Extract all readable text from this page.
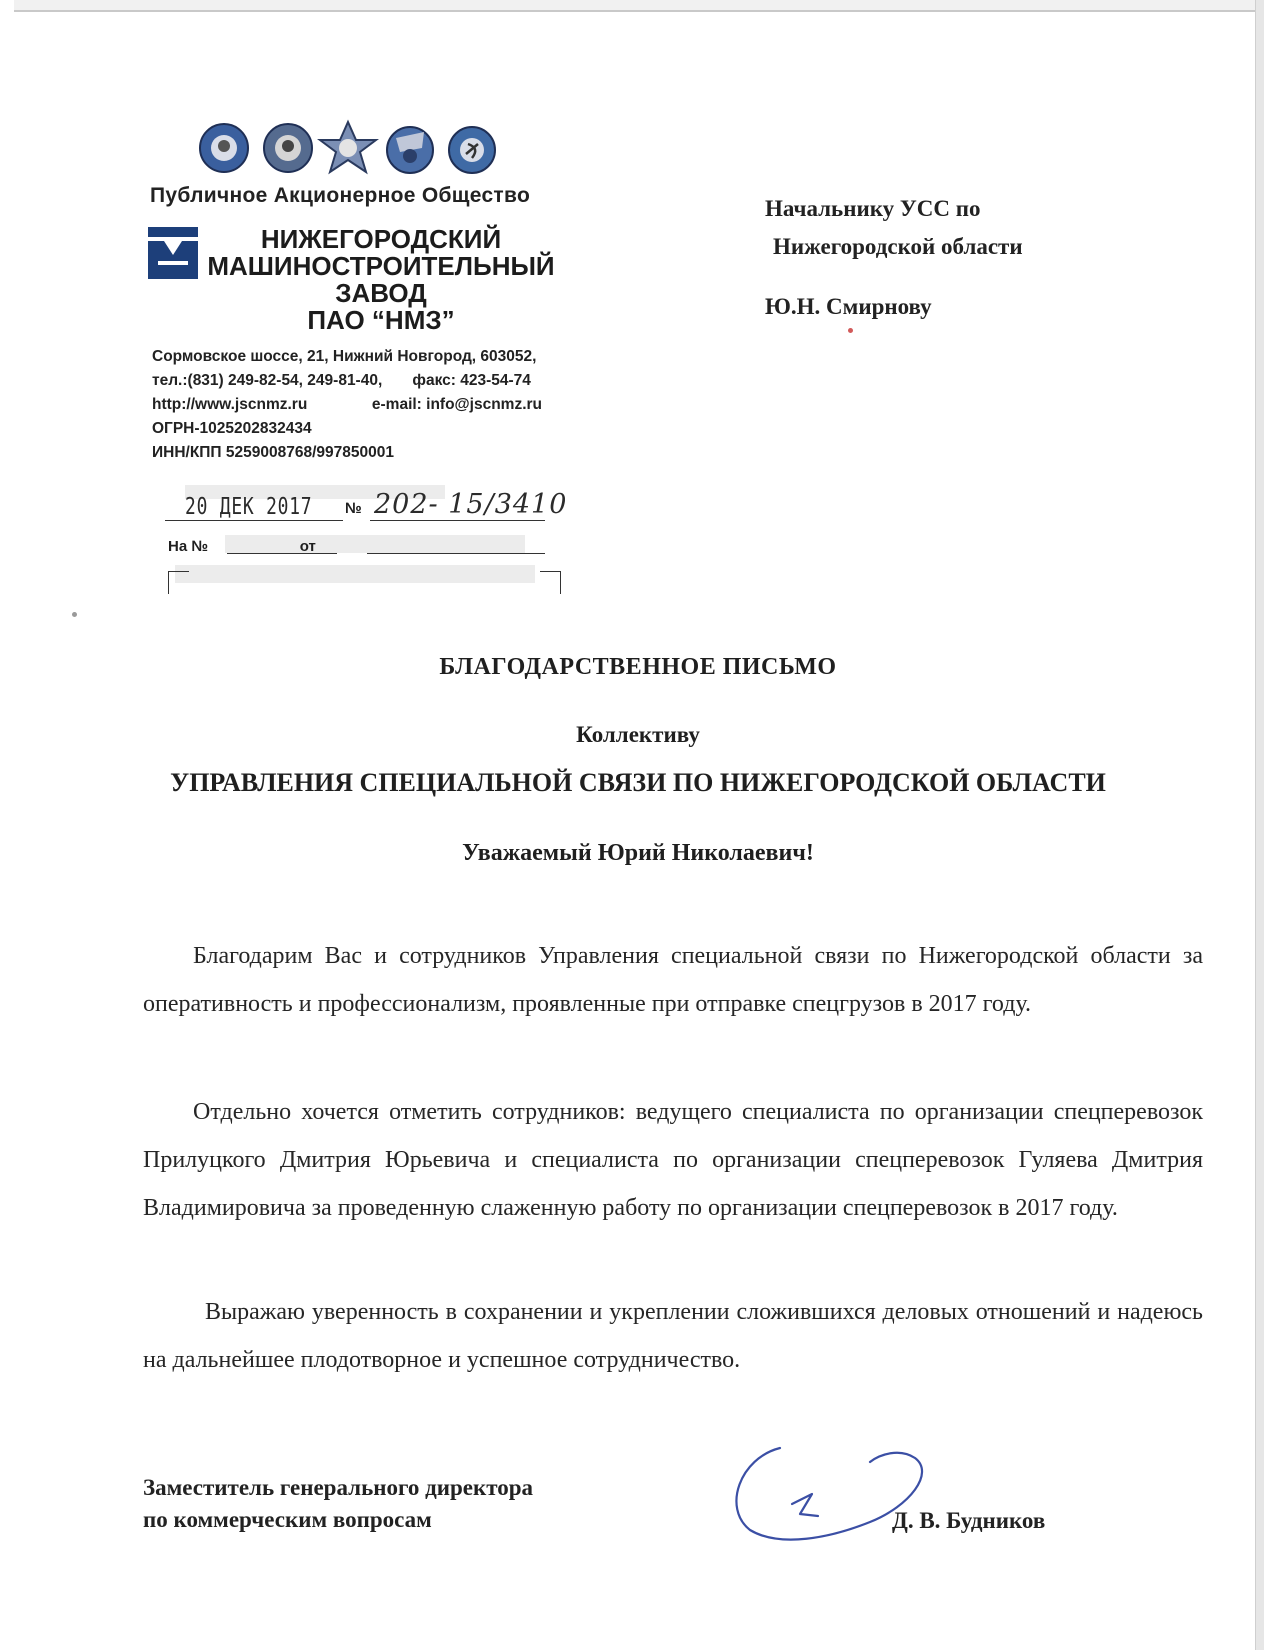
Публичное Акционерное Общество
НИЖЕГОРОДСКИЙ
МАШИНОСТРОИТЕЛЬНЫЙ
ЗАВОД
ПАО “НМЗ”
Сормовское шоссе, 21, Нижний Новгород, 603052,
тел.:(831) 249-82-54, 249-81-40,       факс: 423-54-74
http://www.jscnmz.ru               e-mail: info@jscnmz.ru
ОГРН-1025202832434
ИНН/КПП 5259008768/997850001
20 ДЕК 2017 № 202- 15/3410
На №                      от
Начальнику УСС по
Нижегородской области
Ю.Н. Смирнову
БЛАГОДАРСТВЕННОЕ ПИСЬМО
Коллективу
УПРАВЛЕНИЯ СПЕЦИАЛЬНОЙ СВЯЗИ ПО НИЖЕГОРОДСКОЙ ОБЛАСТИ
Уважаемый Юрий Николаевич!
Благодарим Вас и сотрудников Управления специальной связи по Нижегородской области за оперативность и профессионализм, проявленные при отправке спецгрузов в 2017 году.
Отдельно хочется отметить сотрудников: ведущего специалиста по организации спецперевозок Прилуцкого Дмитрия Юрьевича и специалиста по организации спецперевозок Гуляева Дмитрия Владимировича за проведенную слаженную работу по организации спецперевозок в 2017 году.
Выражаю уверенность в сохранении и укреплении сложившихся деловых отношений и надеюсь на дальнейшее плодотворное и успешное сотрудничество.
Заместитель генерального директора
по коммерческим вопросам	Д. В. Будников
